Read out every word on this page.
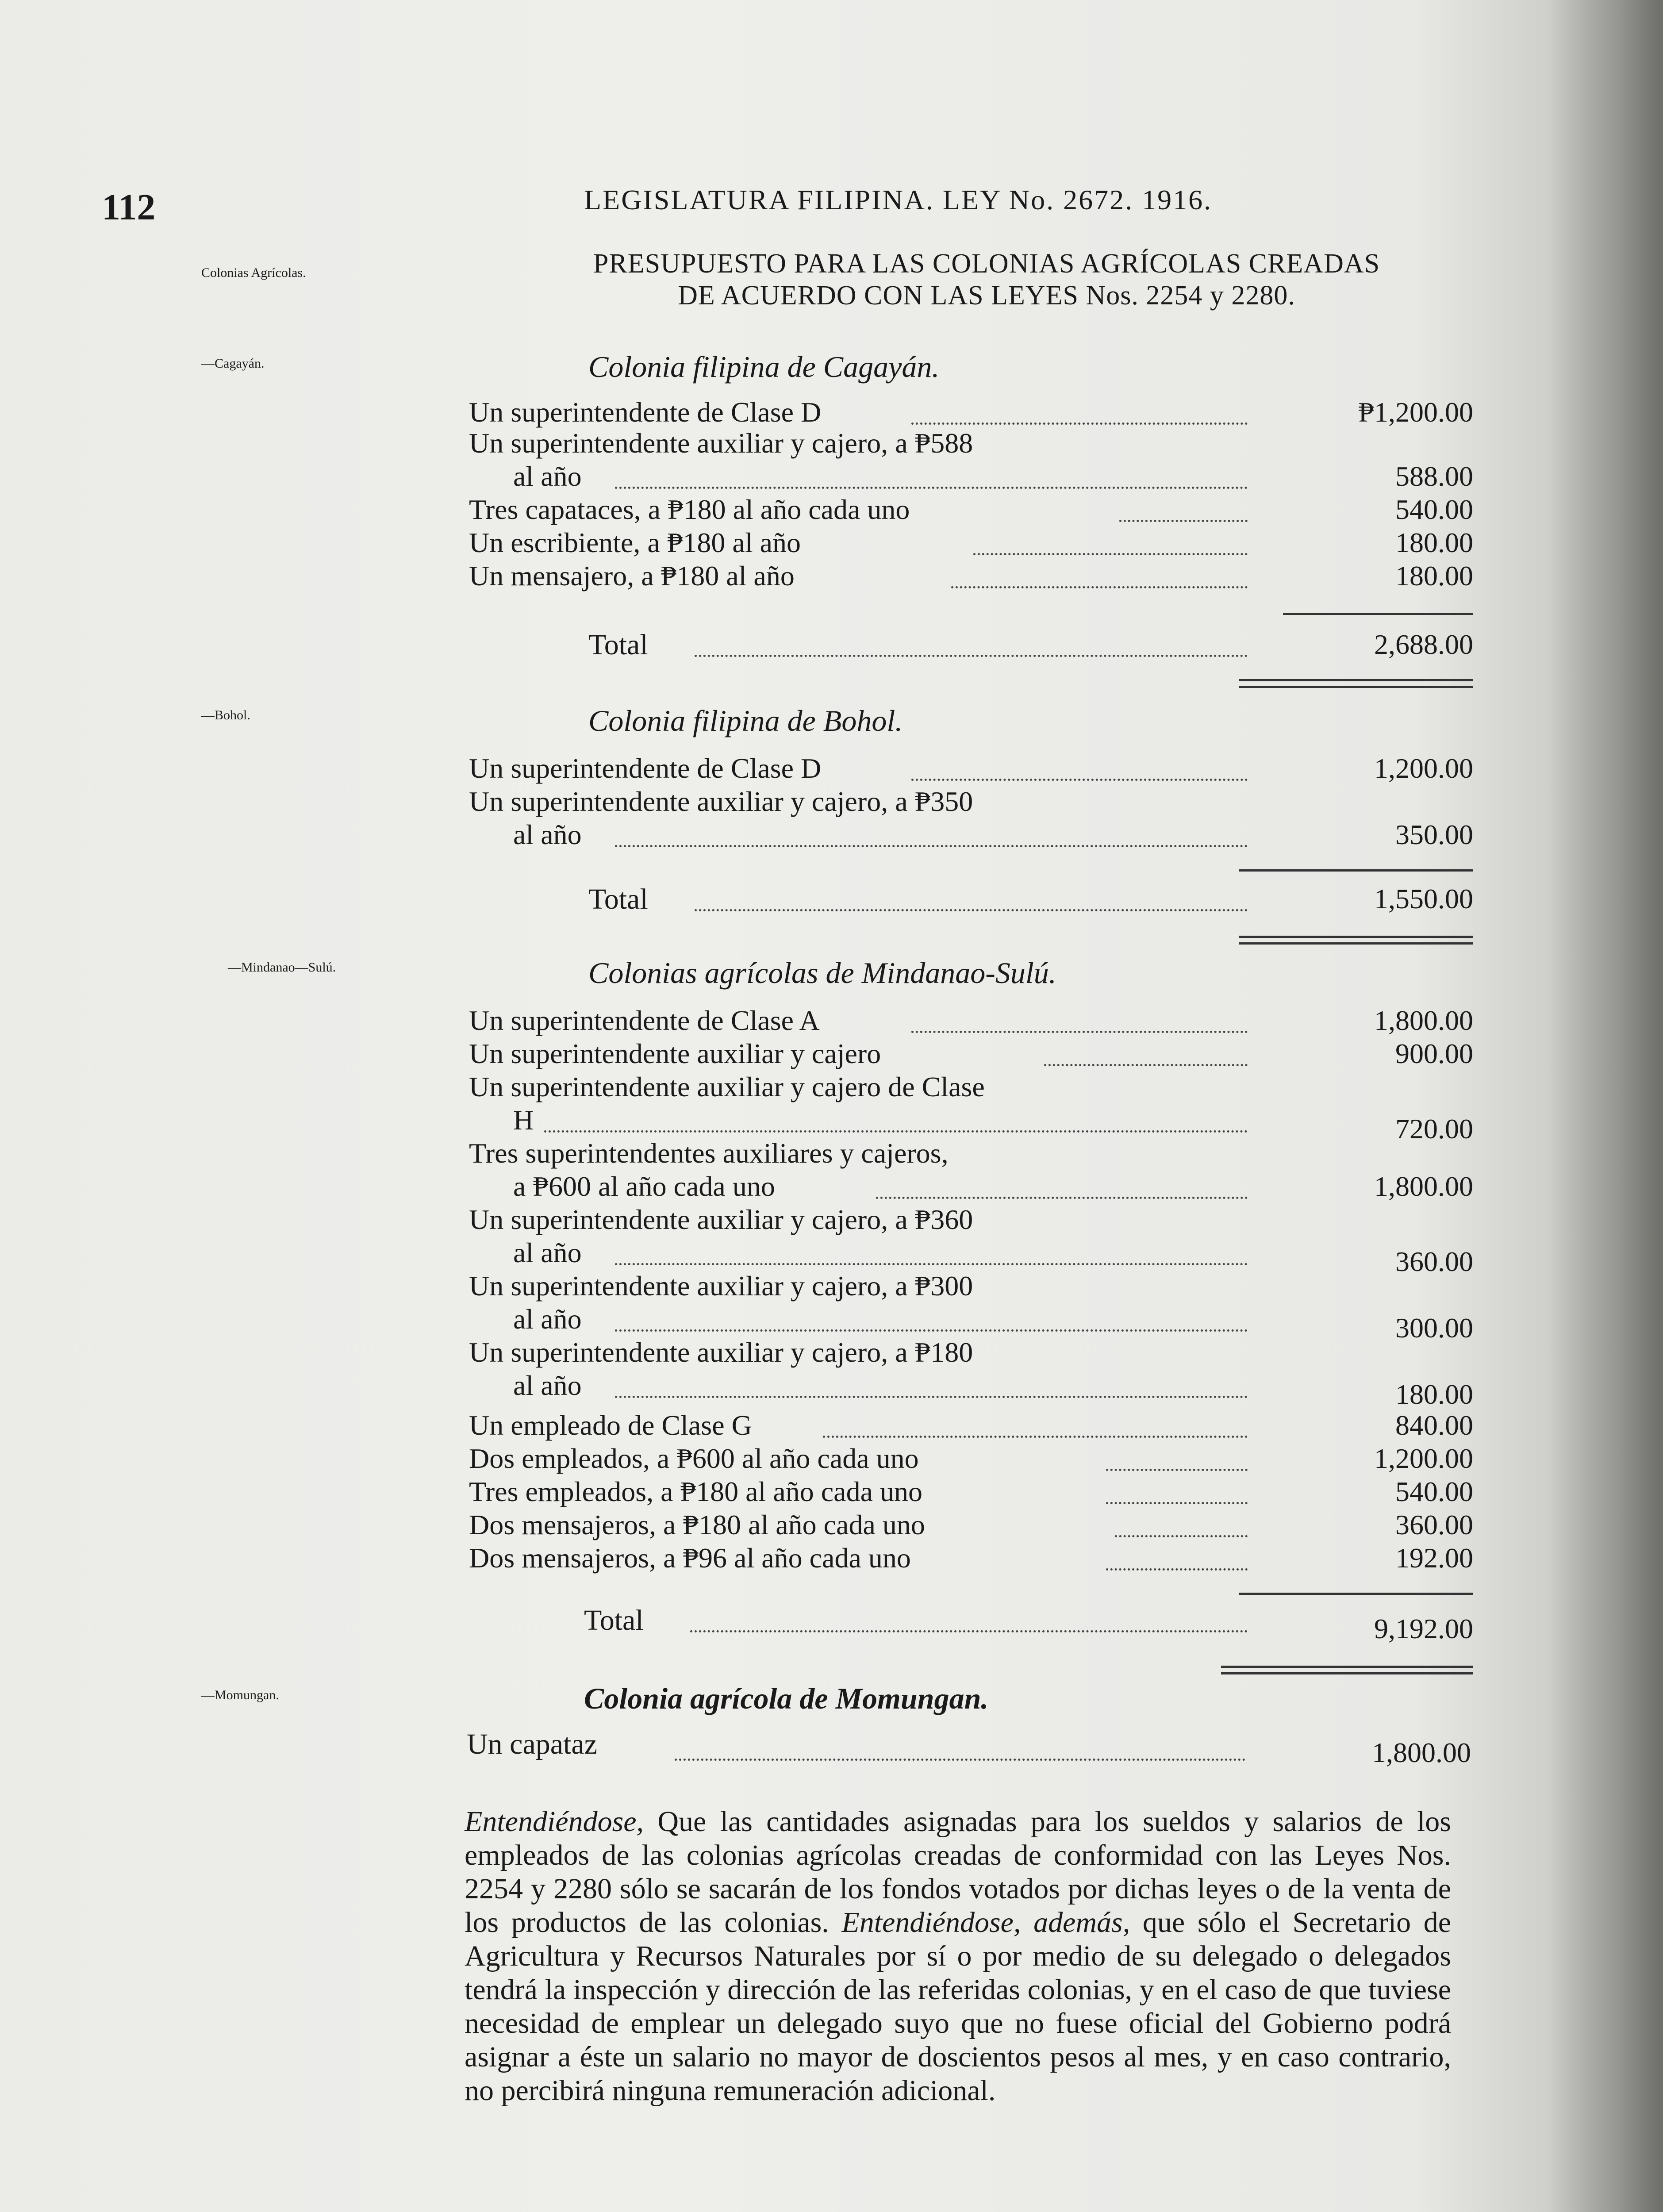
112	LEGISLATURA FILIPINA. LEY No. 2672. 1916.
Colonias Agrícolas.	PRESUPUESTO PARA LAS COLONIAS AGRÍCOLAS CREADAS
DE ACUERDO CON LAS LEYES Nos. 2254 y 2280.
—Cagayán.	Colonia filipina de Cagayán.
Un superintendente de Clase D	₱1,200.00
Un superintendente auxiliar y cajero, a ₱588
al año	588.00
Tres capataces, a ₱180 al año cada uno	540.00
Un escribiente, a ₱180 al año	180.00
Un mensajero, a ₱180 al año	180.00
Total	2,688.00
—Bohol.	Colonia filipina de Bohol.
Un superintendente de Clase D	1,200.00
Un superintendente auxiliar y cajero, a ₱350
al año	350.00
Total	1,550.00
—Mindanao—Sulú.	Colonias agrícolas de Mindanao-Sulú.
Un superintendente de Clase A	1,800.00
Un superintendente auxiliar y cajero	900.00
Un superintendente auxiliar y cajero de Clase
H	720.00
Tres superintendentes auxiliares y cajeros,
a ₱600 al año cada uno	1,800.00
Un superintendente auxiliar y cajero, a ₱360
al año	360.00
Un superintendente auxiliar y cajero, a ₱300
al año	300.00
Un superintendente auxiliar y cajero, a ₱180
al año	180.00
Un empleado de Clase G	840.00
Dos empleados, a ₱600 al año cada uno	1,200.00
Tres empleados, a ₱180 al año cada uno	540.00
Dos mensajeros, a ₱180 al año cada uno	360.00
Dos mensajeros, a ₱96 al año cada uno	192.00
Total	9,192.00
—Momungan.	Colonia agrícola de Momungan.
Un capataz	1,800.00
Entendiéndose, Que las cantidades asignadas para los sueldos y salarios de los empleados de las colonias agrícolas creadas de conformidad con las Leyes Nos. 2254 y 2280 sólo se sacarán de los fondos votados por dichas leyes o de la venta de los productos de las colonias. Entendiéndose, además, que sólo el Secretario de Agricultura y Recursos Naturales por sí o por medio de su delegado o delegados tendrá la inspección y dirección de las referidas colonias, y en el caso de que tuviese necesidad de emplear un delegado suyo que no fuese oficial del Gobierno podrá asignar a éste un salario no mayor de doscientos pesos al mes, y en caso contrario, no percibirá ninguna remuneración adicional.
